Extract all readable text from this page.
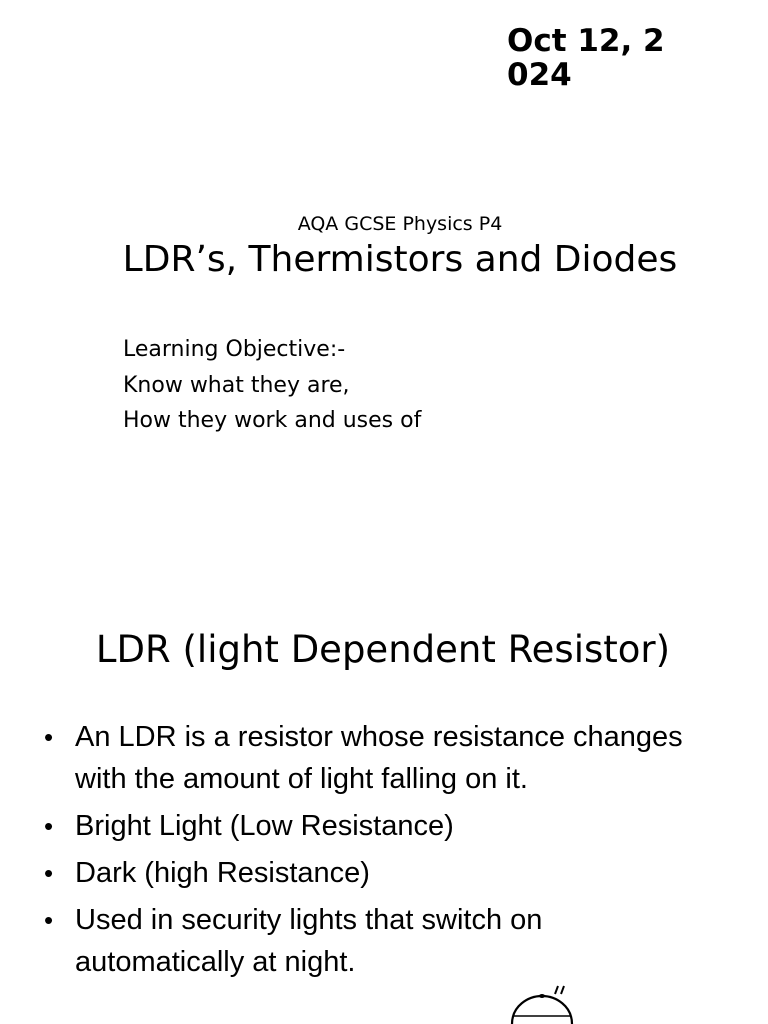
Oct 12, 2
024
AQA GCSE Physics P4
LDR’s, Thermistors and Diodes
Learning Objective:-
Know what they are,
How they work and uses of
LDR (light Dependent Resistor)
• An LDR is a resistor whose resistance changes
with the amount of light falling on it.
• Bright Light (Low Resistance)
• Dark (high Resistance)
• Used in security lights that switch on
automatically at night.
